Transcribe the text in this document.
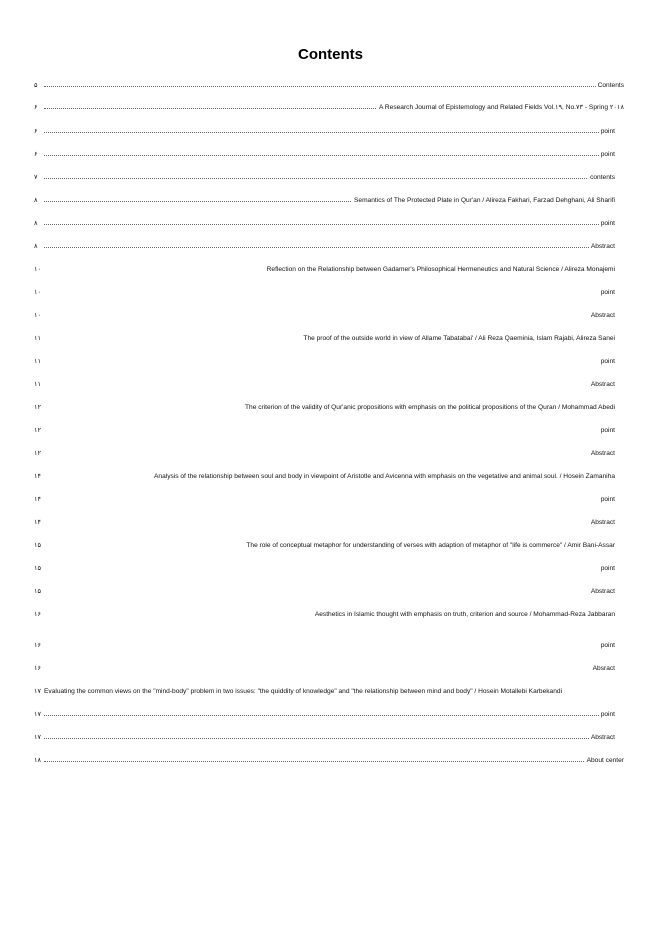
Contents
۵	Contents
۶	A Research Journal of Epistemology and Related Fields Vol.۱۹, No.۷۳ - Spring ۲۰۱۸
۶	point
۶	point
۷	contents
۸	Semantics of The Protected Plate in Qur'an / Alireza Fakhari, Farzad Dehghani, Ali Sharifi
۸	point
۸	Abstract
۱۰	Reflection on the Relationship between Gadamer's Philosophical Hermeneutics and Natural Science / Alireza Monajemi
۱۰	point
۱۰	Abstract
۱۱	The proof of the outside world in view of Allame Tabatabai' / Ali Reza Qaeminia, Islam Rajabi, Alireza Sanei
۱۱	point
۱۱	Abstract
۱۲	The criterion of the validity of Qur'anic propositions with emphasis on the political propositions of the Quran / Mohammad Abedi
۱۲	point
۱۲	Abstract
۱۴	Analysis of the relationship between soul and body in viewpoint of Aristotle and Avicenna with emphasis on the vegetative and animal soul. / Hosein Zamaniha
۱۴	point
۱۴	Abstract
۱۵	The role of conceptual metaphor for understanding of verses with adaption of metaphor of "life is commerce" / Amir Bani-Assar
۱۵	point
۱۵	Abstract
۱۶	Aesthetics in Islamic thought with emphasis on truth, criterion and source / Mohammad-Reza Jabbaran
۱۶	point
۱۶	Absract
۱۷ Evaluating the common views on the "mind-body" problem in two issues: "the quiddity of knowledge" and "the relationship between mind and body" / Hosein Motallebi Karbekandi
۱۷	point
۱۷	Abstract
۱۸	About center
